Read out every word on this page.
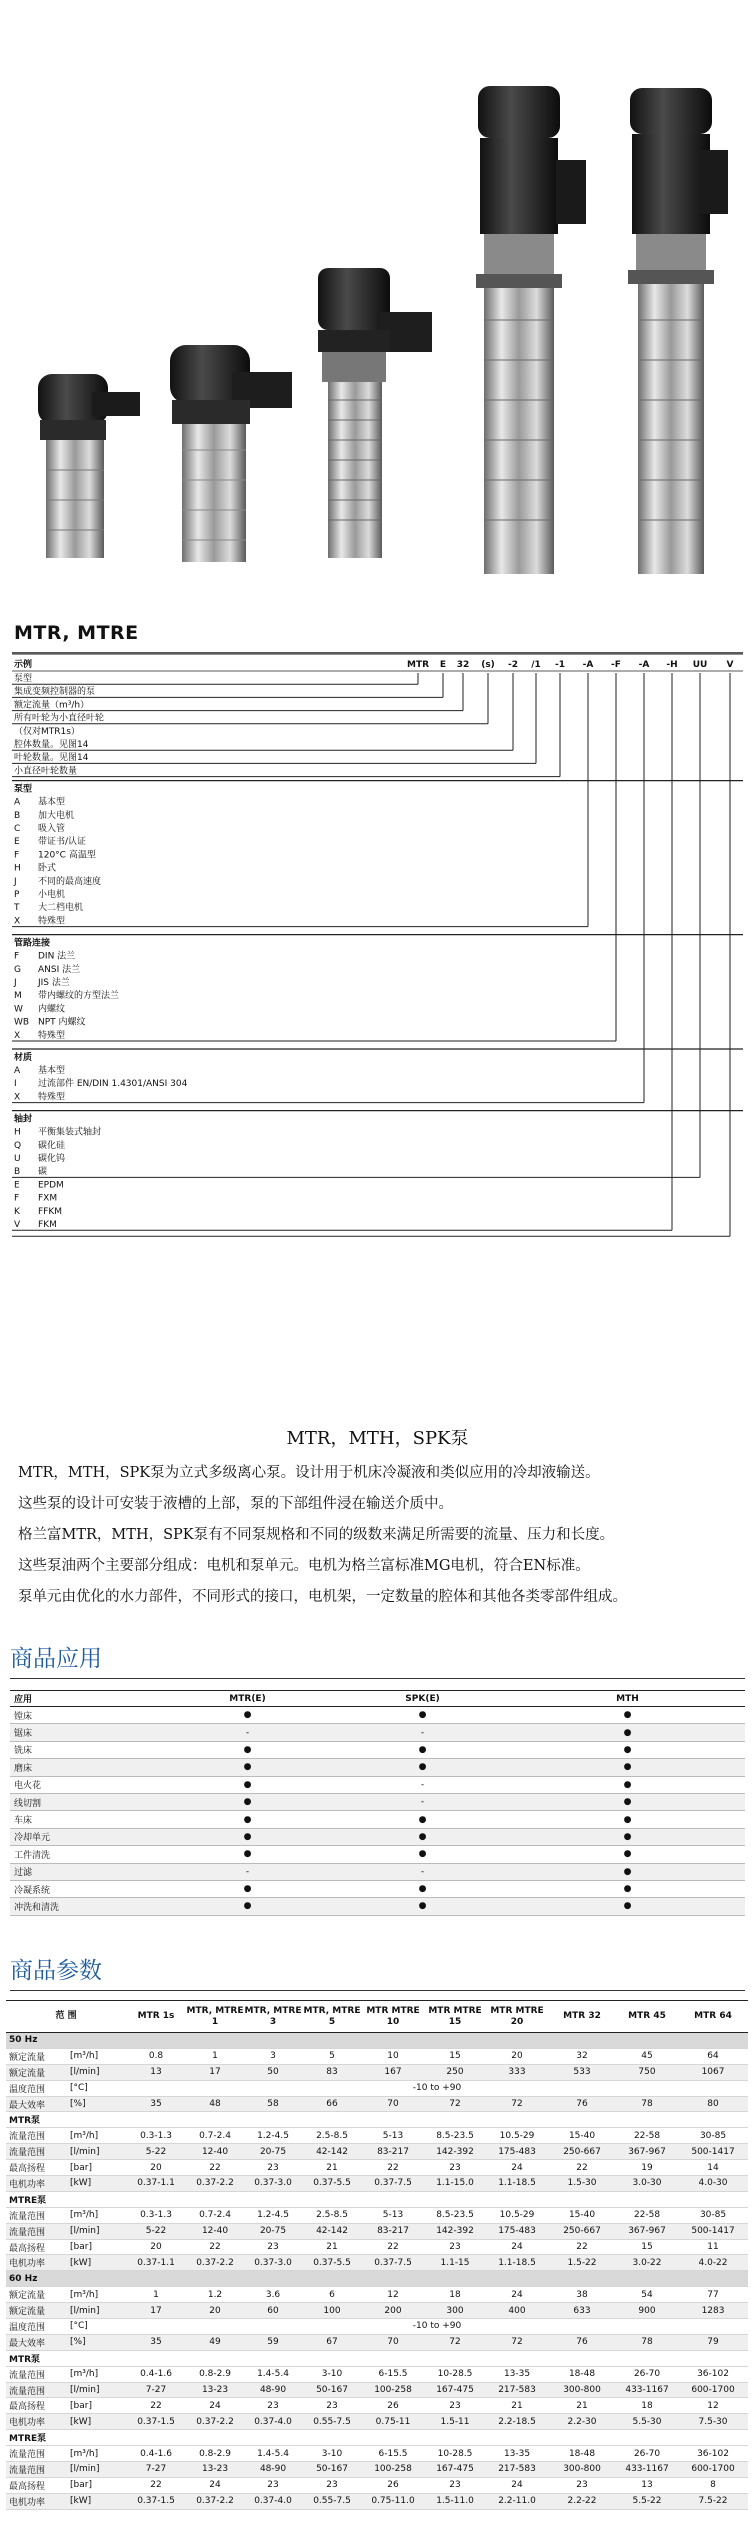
MTR, MTRE
示例	MTR E 32 (s) -2 /1 -1 -A -F -A -H UU V
泵型
集成变频控制器的泵
额定流量（m³/h）
所有叶轮为小直径叶轮
（仅对MTR1s）
腔体数量。见图14
叶轮数量。见图14
小直径叶轮数量
泵型
A 基本型
B 加大电机
C 吸入管
E 带证书/认证
F 120°C 高温型
H 卧式
J 不同的最高速度
P 小电机
T 大二档电机
X 特殊型
管路连接
F DIN 法兰
G ANSI 法兰
J JIS 法兰
M 带内螺纹的方型法兰
W 内螺纹
WB NPT 内螺纹
X 特殊型
材质
A 基本型
I 过流部件 EN/DIN 1.4301/ANSI 304
X 特殊型
轴封
H 平衡集装式轴封
Q 碳化硅
U 碳化钨
B 碳
E EPDM
F FXM
K FFKM
V FKM
MTR，MTH，SPK泵

MTR，MTH，SPK泵为立式多级离心泵。设计用于机床冷凝液和类似应用的冷却液输送。

这些泵的设计可安装于液槽的上部，泵的下部组件浸在输送介质中。

格兰富MTR，MTH，SPK泵有不同泵规格和不同的级数来满足所需要的流量、压力和长度。

这些泵油两个主要部分组成：电机和泵单元。电机为格兰富标准MG电机，符合EN标准。

泵单元由优化的水力部件，不同形式的接口，电机架，一定数量的腔体和其他各类零部件组成。

商品应用
应用	MTR(E)	SPK(E)	MTH
镗床	●	●	●
锯床	-	-	●
铣床	●	●	●
磨床	●	●	●
电火花	●	-	●
线切割	●	-	●
车床	●	●	●
冷却单元	●	●	●
工件清洗	●	●	●
过滤	-	-	●
冷凝系统	●	●	●
冲洗和清洗	●	●	●
商品参数
范 围		MTR 1s	MTR, MTRE 1	MTR, MTRE 3	MTR, MTRE 5	MTR MTRE 10	MTR MTRE 15	MTR MTRE 20	MTR 32	MTR 45	MTR 64
50 Hz											
额定流量	[m³/h]	0.8	1	3	5	10	15	20	32	45	64
额定流量	[l/min]	13	17	50	83	167	250	333	533	750	1067
温度范围	[°C]	-10 to +90									
最大效率	[%]	35	48	58	66	70	72	72	76	78	80
MTR泵											
流量范围	[m³/h]	0.3-1.3	0.7-2.4	1.2-4.5	2.5-8.5	5-13	8.5-23.5	10.5-29	15-40	22-58	30-85
流量范围	[l/min]	5-22	12-40	20-75	42-142	83-217	142-392	175-483	250-667	367-967	500-1417
最高扬程	[bar]	20	22	23	21	22	23	24	22	19	14
电机功率	[kW]	0.37-1.1	0.37-2.2	0.37-3.0	0.37-5.5	0.37-7.5	1.1-15.0	1.1-18.5	1.5-30	3.0-30	4.0-30
MTRE泵											
流量范围	[m³/h]	0.3-1.3	0.7-2.4	1.2-4.5	2.5-8.5	5-13	8.5-23.5	10.5-29	15-40	22-58	30-85
流量范围	[l/min]	5-22	12-40	20-75	42-142	83-217	142-392	175-483	250-667	367-967	500-1417
最高扬程	[bar]	20	22	23	21	22	23	24	22	15	11
电机功率	[kW]	0.37-1.1	0.37-2.2	0.37-3.0	0.37-5.5	0.37-7.5	1.1-15	1.1-18.5	1.5-22	3.0-22	4.0-22
60 Hz											
额定流量	[m³/h]	1	1.2	3.6	6	12	18	24	38	54	77
额定流量	[l/min]	17	20	60	100	200	300	400	633	900	1283
温度范围	[°C]	-10 to +90									
最大效率	[%]	35	49	59	67	70	72	72	76	78	79
MTR泵											
流量范围	[m³/h]	0.4-1.6	0.8-2.9	1.4-5.4	3-10	6-15.5	10-28.5	13-35	18-48	26-70	36-102
流量范围	[l/min]	7-27	13-23	48-90	50-167	100-258	167-475	217-583	300-800	433-1167	600-1700
最高扬程	[bar]	22	24	23	23	26	23	21	21	18	12
电机功率	[kW]	0.37-1.5	0.37-2.2	0.37-4.0	0.55-7.5	0.75-11	1.5-11	2.2-18.5	2.2-30	5.5-30	7.5-30
MTRE泵											
流量范围	[m³/h]	0.4-1.6	0.8-2.9	1.4-5.4	3-10	6-15.5	10-28.5	13-35	18-48	26-70	36-102
流量范围	[l/min]	7-27	13-23	48-90	50-167	100-258	167-475	217-583	300-800	433-1167	600-1700
最高扬程	[bar]	22	24	23	23	26	23	24	23	13	8
电机功率	[kW]	0.37-1.5	0.37-2.2	0.37-4.0	0.55-7.5	0.75-11.0	1.5-11.0	2.2-11.0	2.2-22	5.5-22	7.5-22
